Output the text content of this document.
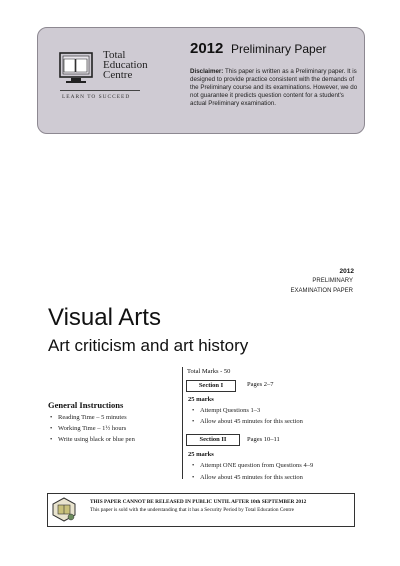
Total
Education
Centre
LEARN TO SUCCEED
2012 Preliminary Paper
Disclaimer: This paper is written as a Preliminary paper. It is designed to provide practice consistent with the demands of the Preliminary course and its examinations. However, we do not guarantee it predicts question content for a student's actual Preliminary examination.
2012
PRELIMINARY
EXAMINATION PAPER
Visual Arts
Art criticism and art history
General Instructions
• Reading Time – 5 minutes
• Working Time – 1½ hours
• Write using black or blue pen
Total Marks - 50
Section I	Pages 2–7
25 marks
• Attempt Questions 1–3
• Allow about 45 minutes for this section
Section II	Pages 10–11
25 marks
• Attempt ONE question from Questions 4–9
• Allow about 45 minutes for this section
THIS PAPER CANNOT BE RELEASED IN PUBLIC UNTIL AFTER 10th SEPTEMBER 2012
This paper is sold with the understanding that it has a Security Period by Total Education Centre
